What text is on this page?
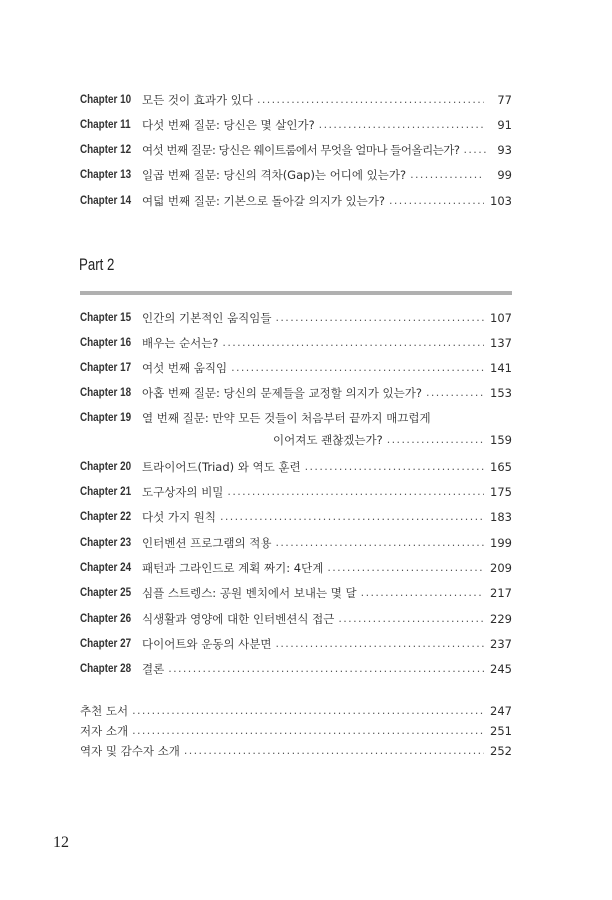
Chapter 10 모든 것이 효과가 있다 .....	77
Chapter 11 다섯 번째 질문: 당신은 몇 살인가? .....	91
Chapter 12 여섯 번째 질문: 당신은 웨이트룸에서 무엇을 얼마나 들어올리는가? .....	93
Chapter 13 일곱 번째 질문: 당신의 격차(Gap)는 어디에 있는가? .....	99
Chapter 14 여덟 번째 질문: 기본으로 돌아갈 의지가 있는가? .....	103
Part 2
Chapter 15 인간의 기본적인 움직임들 .....	107
Chapter 16 배우는 순서는? .....	137
Chapter 17 여섯 번째 움직임 .....	141
Chapter 18 아홉 번째 질문: 당신의 문제들을 교정할 의지가 있는가? .....	153
Chapter 19 열 번째 질문: 만약 모든 것들이 처음부터 끝까지 매끄럽게
이어져도 괜찮겠는가? .....	159
Chapter 20 트라이어드(Triad) 와 역도 훈련 .....	165
Chapter 21 도구상자의 비밀 .....	175
Chapter 22 다섯 가지 원칙 .....	183
Chapter 23 인터벤션 프로그램의 적용 .....	199
Chapter 24 패턴과 그라인드로 계획 짜기: 4단계 .....	209
Chapter 25 심플 스트렝스: 공원 벤치에서 보내는 몇 달 .....	217
Chapter 26 식생활과 영양에 대한 인터벤션식 접근 .....	229
Chapter 27 다이어트와 운동의 사분면 .....	237
Chapter 28 결론 .....	245
추천 도서 .....	247
저자 소개 .....	251
역자 및 감수자 소개 .....	252
12
